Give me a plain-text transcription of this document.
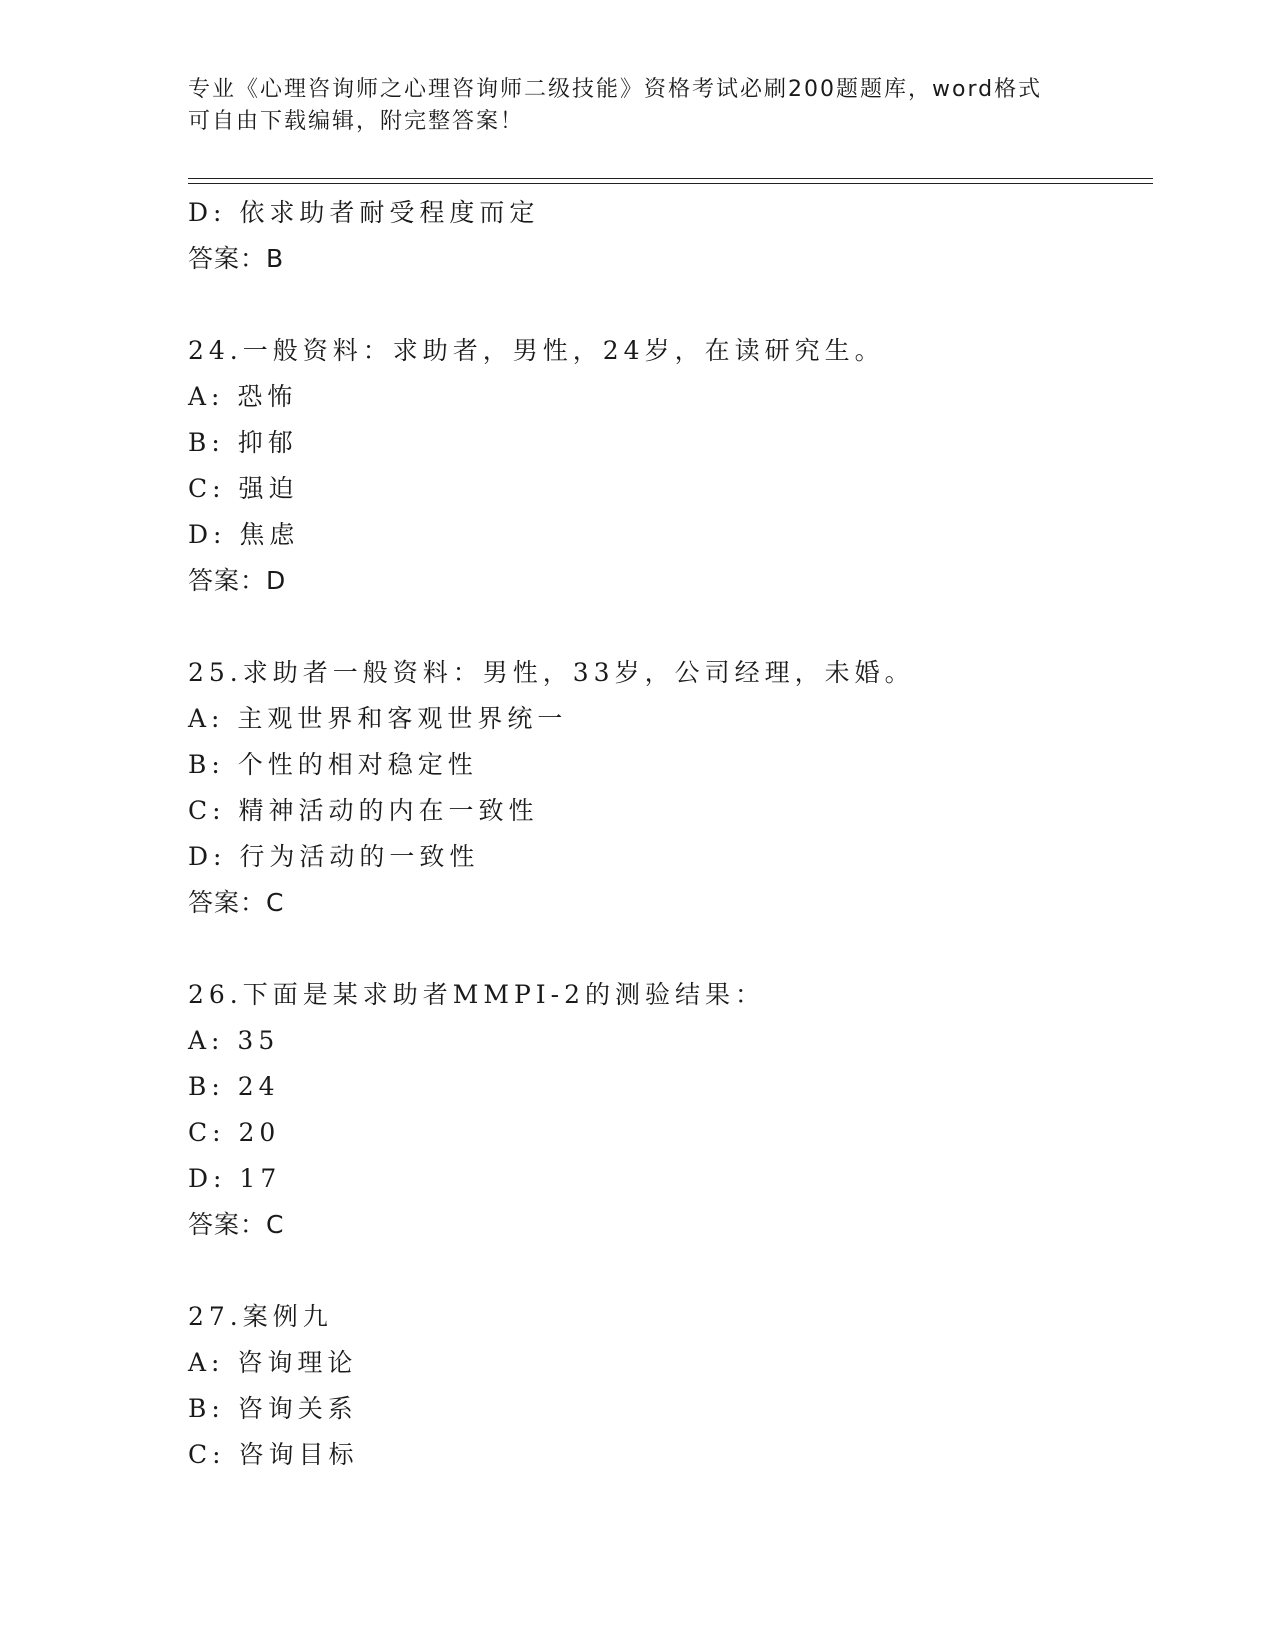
专业《心理咨询师之心理咨询师二级技能》资格考试必刷200题题库，word格式
可自由下载编辑，附完整答案！
D: 依求助者耐受程度而定
答案：B
24.一般资料：求助者，男性，24岁，在读研究生。
A: 恐怖
B: 抑郁
C: 强迫
D: 焦虑
答案：D
25.求助者一般资料：男性，33岁，公司经理，未婚。
A: 主观世界和客观世界统一
B: 个性的相对稳定性
C: 精神活动的内在一致性
D: 行为活动的一致性
答案：C
26.下面是某求助者MMPI-2的测验结果：
A: 35
B: 24
C: 20
D: 17
答案：C
27.案例九
A: 咨询理论
B: 咨询关系
C: 咨询目标
